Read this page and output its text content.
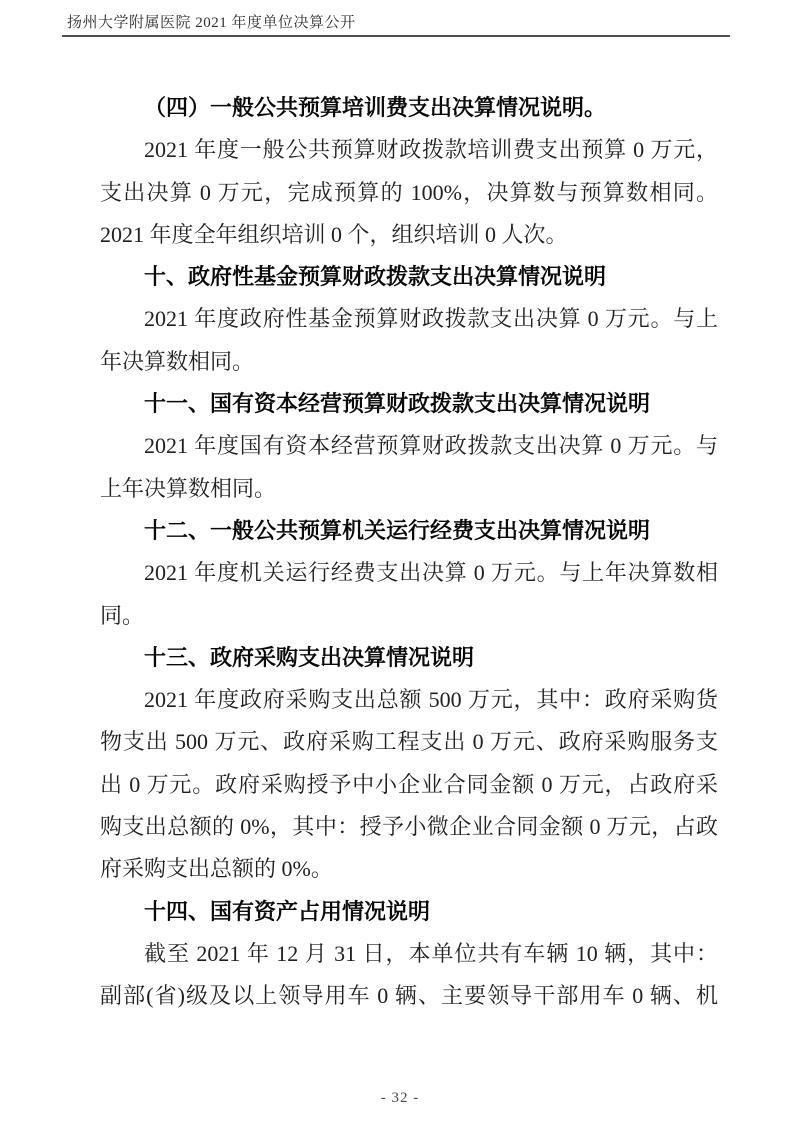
扬州大学附属医院 2021 年度单位决算公开
（四）一般公共预算培训费支出决算情况说明。
2021 年度一般公共预算财政拨款培训费支出预算 0 万元，
支出决算 0 万元，完成预算的 100%，决算数与预算数相同。
2021 年度全年组织培训 0 个，组织培训 0 人次。
十、政府性基金预算财政拨款支出决算情况说明
2021 年度政府性基金预算财政拨款支出决算 0 万元。与上
年决算数相同。
十一、国有资本经营预算财政拨款支出决算情况说明
2021 年度国有资本经营预算财政拨款支出决算 0 万元。与
上年决算数相同。
十二、一般公共预算机关运行经费支出决算情况说明
2021 年度机关运行经费支出决算 0 万元。与上年决算数相
同。
十三、政府采购支出决算情况说明
2021 年度政府采购支出总额 500 万元，其中：政府采购货
物支出 500 万元、政府采购工程支出 0 万元、政府采购服务支
出 0 万元。政府采购授予中小企业合同金额 0 万元，占政府采
购支出总额的 0%，其中：授予小微企业合同金额 0 万元，占政
府采购支出总额的 0%。
十四、国有资产占用情况说明
截至 2021 年 12 月 31 日，本单位共有车辆 10 辆，其中：
副部(省)级及以上领导用车 0 辆、主要领导干部用车 0 辆、机
- 32 -
